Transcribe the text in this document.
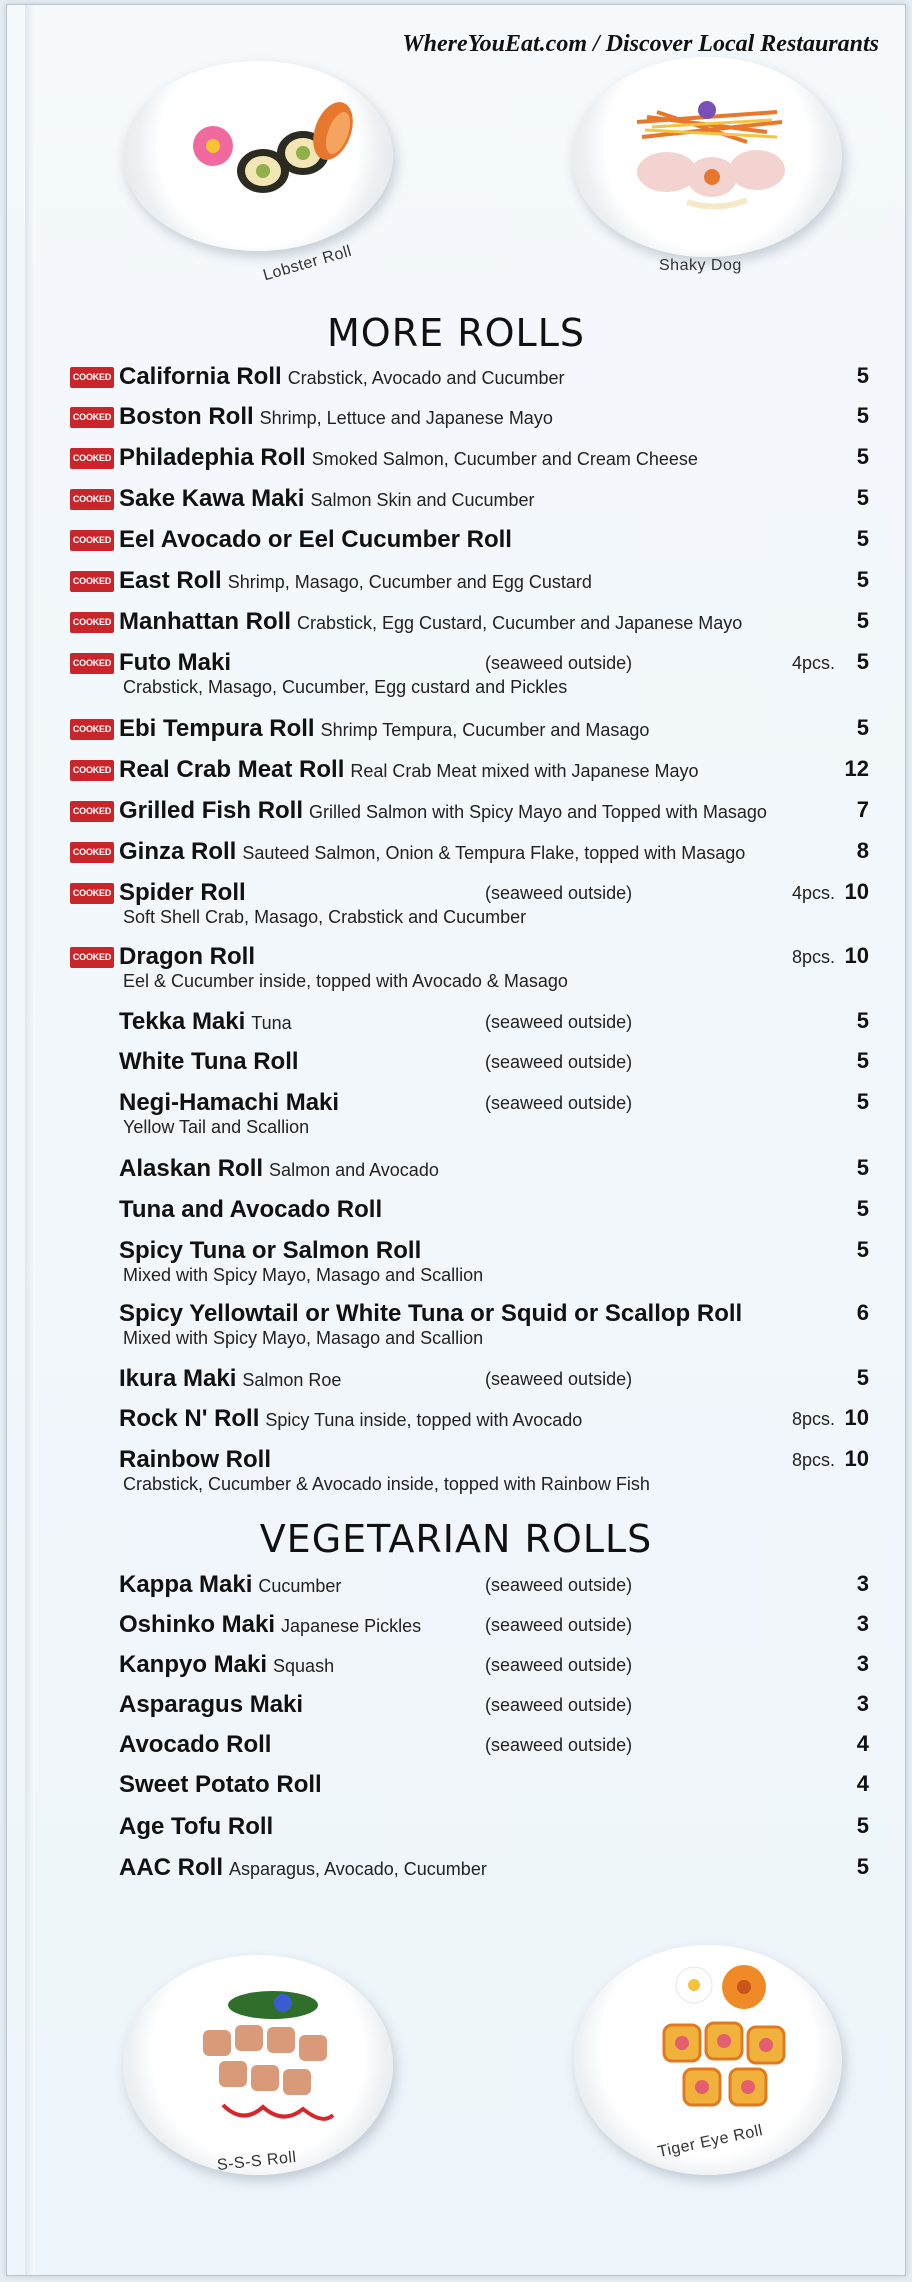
WhereYouEat.com / Discover Local Restaurants
Lobster Roll	Shaky Dog
MORE ROLLS
COOKED California Roll Crabstick, Avocado and Cucumber	5
COOKED Boston Roll Shrimp, Lettuce and Japanese Mayo	5
COOKED Philadephia Roll Smoked Salmon, Cucumber and Cream Cheese	5
COOKED Sake Kawa Maki Salmon Skin and Cucumber	5
COOKED Eel Avocado or Eel Cucumber Roll	5
COOKED East Roll Shrimp, Masago, Cucumber and Egg Custard	5
COOKED Manhattan Roll Crabstick, Egg Custard, Cucumber and Japanese Mayo	5
COOKED Futo Maki	(seaweed outside)	4pcs. 5
Crabstick, Masago, Cucumber, Egg custard and Pickles
COOKED Ebi Tempura Roll Shrimp Tempura, Cucumber and Masago	5
COOKED Real Crab Meat Roll Real Crab Meat mixed with Japanese Mayo	12
COOKED Grilled Fish Roll Grilled Salmon with Spicy Mayo and Topped with Masago	7
COOKED Ginza Roll Sauteed Salmon, Onion & Tempura Flake, topped with Masago	8
COOKED Spider Roll	(seaweed outside)	4pcs. 10
Soft Shell Crab, Masago, Crabstick and Cucumber
COOKED Dragon Roll	8pcs. 10
Eel & Cucumber inside, topped with Avocado & Masago
Tekka Maki Tuna	(seaweed outside)	5
White Tuna Roll	(seaweed outside)	5
Negi-Hamachi Maki	(seaweed outside)	5
Yellow Tail and Scallion
Alaskan Roll Salmon and Avocado	5
Tuna and Avocado Roll	5
Spicy Tuna or Salmon Roll	5
Mixed with Spicy Mayo, Masago and Scallion
Spicy Yellowtail or White Tuna or Squid or Scallop Roll	6
Mixed with Spicy Mayo, Masago and Scallion
Ikura Maki Salmon Roe	(seaweed outside)	5
Rock N' Roll Spicy Tuna inside, topped with Avocado	8pcs. 10
Rainbow Roll	8pcs. 10
Crabstick, Cucumber & Avocado inside, topped with Rainbow Fish
VEGETARIAN ROLLS
Kappa Maki Cucumber	(seaweed outside)	3
Oshinko Maki Japanese Pickles	(seaweed outside)	3
Kanpyo Maki Squash	(seaweed outside)	3
Asparagus Maki	(seaweed outside)	3
Avocado Roll	(seaweed outside)	4
Sweet Potato Roll	4
Age Tofu Roll	5
AAC Roll Asparagus, Avocado, Cucumber	5
S-S-S Roll
Tiger Eye Roll
